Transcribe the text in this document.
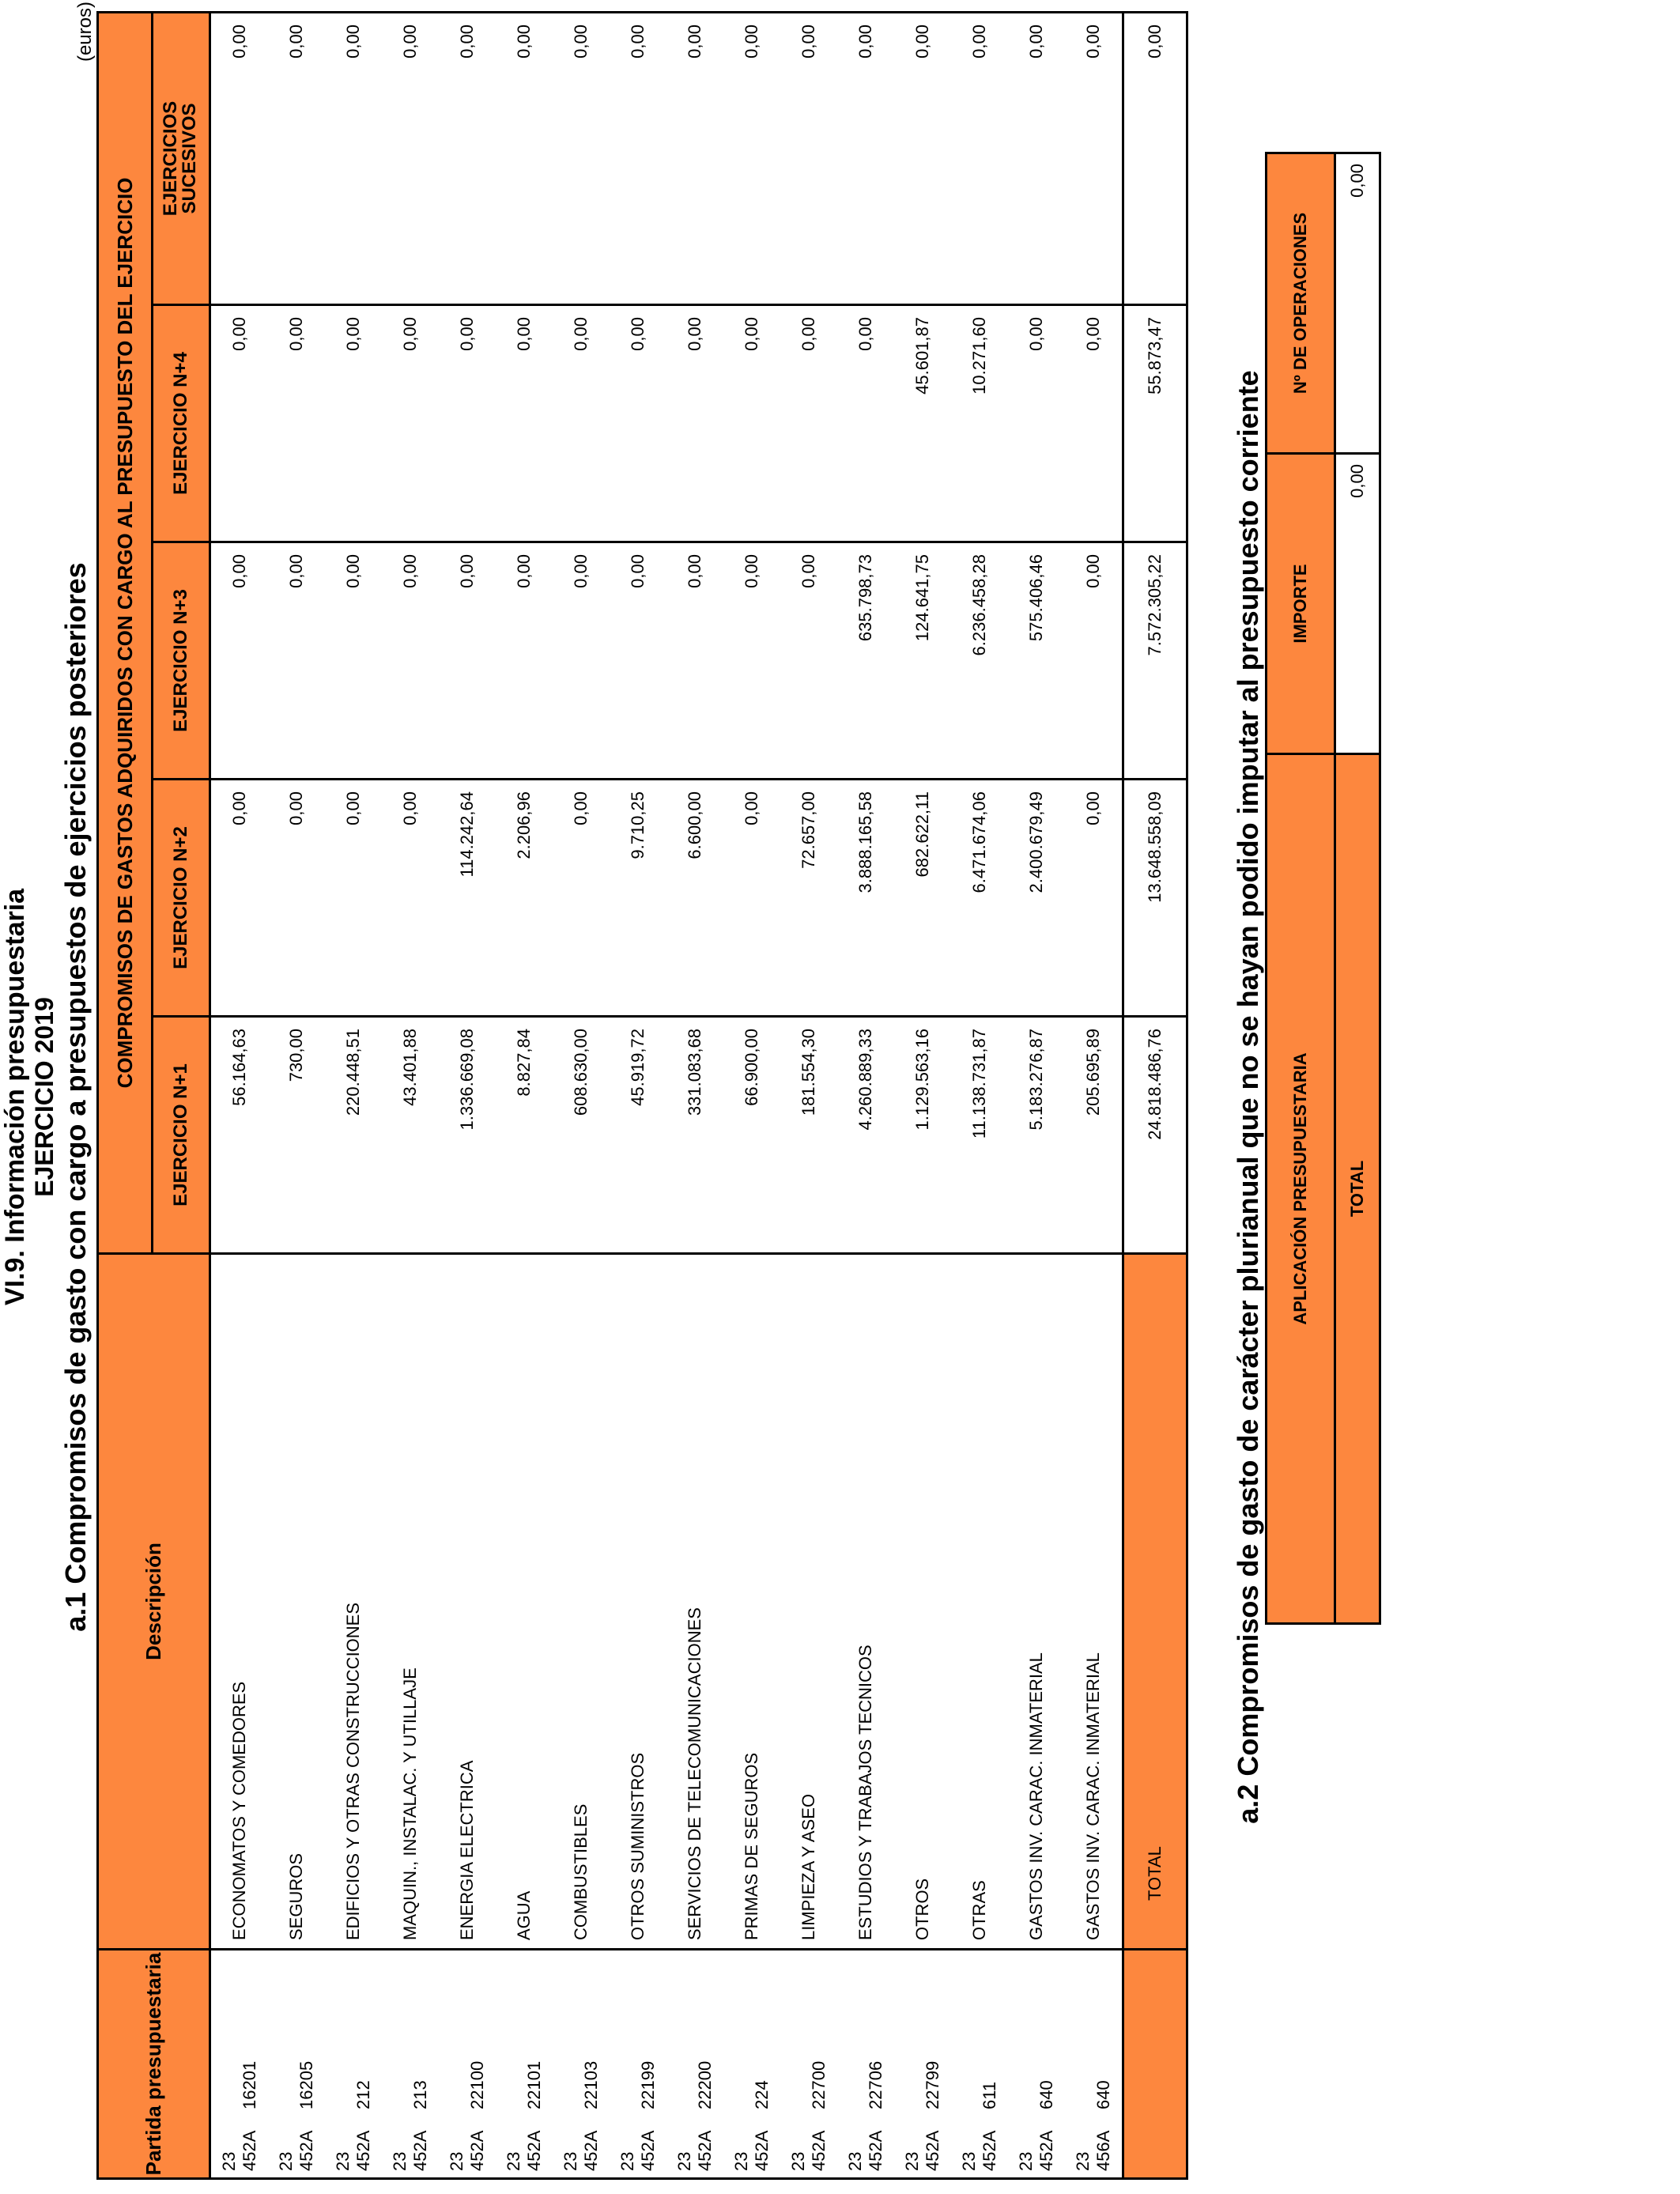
VI.9. Información presupuestaria EJERCICIO 2019 a.1 Compromisos de gasto con cargo a presupuestos de ejercicios posteriores
(euros)
Partida presupuestaria	Descripción	COMPROMISOS DE GASTOS ADQUIRIDOS CON CARGO AL PRESUPUESTO DEL EJERCICIO				
		EJERCICIO N+1	EJERCICIO N+2	EJERCICIO N+3	EJERCICIO N+4	EJERCICIOS
SUCESIVOS
23 452A16201	ECONOMATOS Y COMEDORES	56.164,63	0,00	0,00	0,00	0,00
23 452A16205	SEGUROS	730,00	0,00	0,00	0,00	0,00
23 452A212	EDIFICIOS Y OTRAS CONSTRUCCIONES	220.448,51	0,00	0,00	0,00	0,00
23 452A213	MAQUIN., INSTALAC. Y UTILLAJE	43.401,88	0,00	0,00	0,00	0,00
23 452A22100	ENERGIA ELECTRICA	1.336.669,08	114.242,64	0,00	0,00	0,00
23 452A22101	AGUA	8.827,84	2.206,96	0,00	0,00	0,00
23 452A22103	COMBUSTIBLES	608.630,00	0,00	0,00	0,00	0,00
23 452A22199	OTROS SUMINISTROS	45.919,72	9.710,25	0,00	0,00	0,00
23 452A22200	SERVICIOS DE TELECOMUNICACIONES	331.083,68	6.600,00	0,00	0,00	0,00
23 452A224	PRIMAS DE SEGUROS	66.900,00	0,00	0,00	0,00	0,00
23 452A22700	LIMPIEZA Y ASEO	181.554,30	72.657,00	0,00	0,00	0,00
23 452A22706	ESTUDIOS Y TRABAJOS TECNICOS	4.260.889,33	3.888.165,58	635.798,73	0,00	0,00
23 452A22799	OTROS	1.129.563,16	682.622,11	124.641,75	45.601,87	0,00
23 452A611	OTRAS	11.138.731,87	6.471.674,06	6.236.458,28	10.271,60	0,00
23 452A640	GASTOS INV. CARAC. INMATERIAL	5.183.276,87	2.400.679,49	575.406,46	0,00	0,00
23 456A640	GASTOS INV. CARAC. INMATERIAL	205.695,89	0,00	0,00	0,00	0,00
	TOTAL	24.818.486,76	13.648.558,09	7.572.305,22	55.873,47	0,00
a.2 Compromisos de gasto de carácter plurianual que no se hayan podido imputar al presupuesto corriente APLICACIÓN PRESUPUESTARIA	IMPORTE	Nº DE OPERACIONES
TOTAL	0,00	0,00
